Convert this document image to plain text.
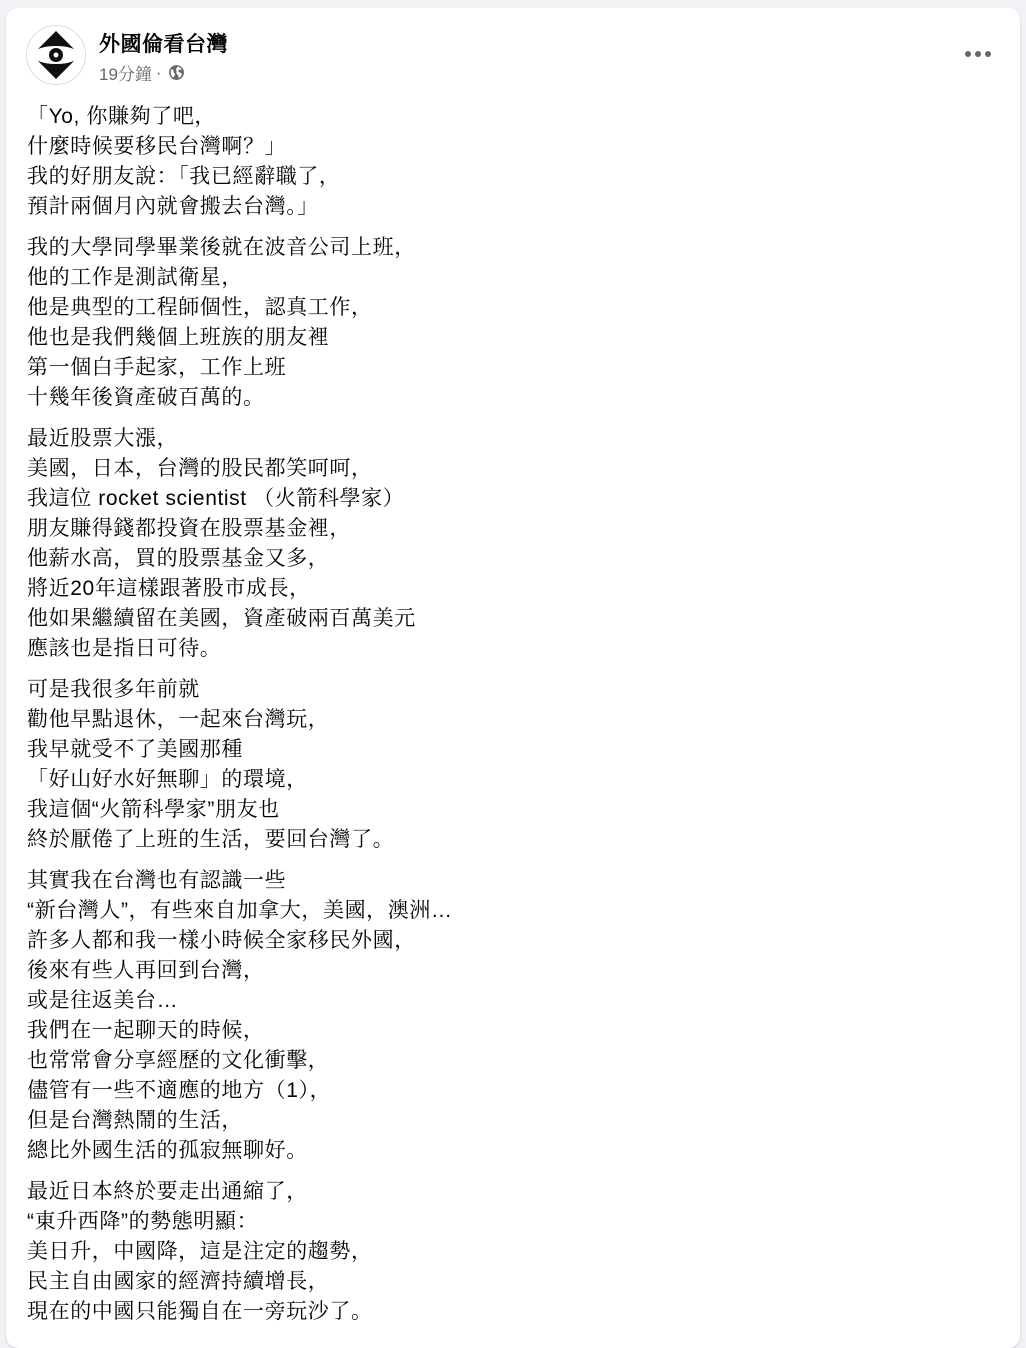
外國倫看台灣
19分鐘 ·
「Yo, 你賺夠了吧，
什麼時候要移民台灣啊？」
我的好朋友說：「我已經辭職了，
預計兩個月內就會搬去台灣。」
我的大學同學畢業後就在波音公司上班，
他的工作是測試衛星，
他是典型的工程師個性，認真工作，
他也是我們幾個上班族的朋友裡
第一個白手起家，工作上班
十幾年後資產破百萬的。
最近股票大漲，
美國，日本，台灣的股民都笑呵呵，
我這位 rocket scientist （火箭科學家）
朋友賺得錢都投資在股票基金裡，
他薪水高，買的股票基金又多，
將近20年這樣跟著股市成長，
他如果繼續留在美國，資產破兩百萬美元
應該也是指日可待。
可是我很多年前就
勸他早點退休，一起來台灣玩，
我早就受不了美國那種
「好山好水好無聊」的環境，
我這個“火箭科學家”朋友也
終於厭倦了上班的生活，要回台灣了。
其實我在台灣也有認識一些
“新台灣人”，有些來自加拿大，美國，澳洲…
許多人都和我一樣小時候全家移民外國，
後來有些人再回到台灣，
或是往返美台…
我們在一起聊天的時候，
也常常會分享經歷的文化衝擊，
儘管有一些不適應的地方（1），
但是台灣熱鬧的生活，
總比外國生活的孤寂無聊好。
最近日本終於要走出通縮了，
“東升西降”的勢態明顯：
美日升，中國降，這是注定的趨勢，
民主自由國家的經濟持續增長，
現在的中國只能獨自在一旁玩沙了。
